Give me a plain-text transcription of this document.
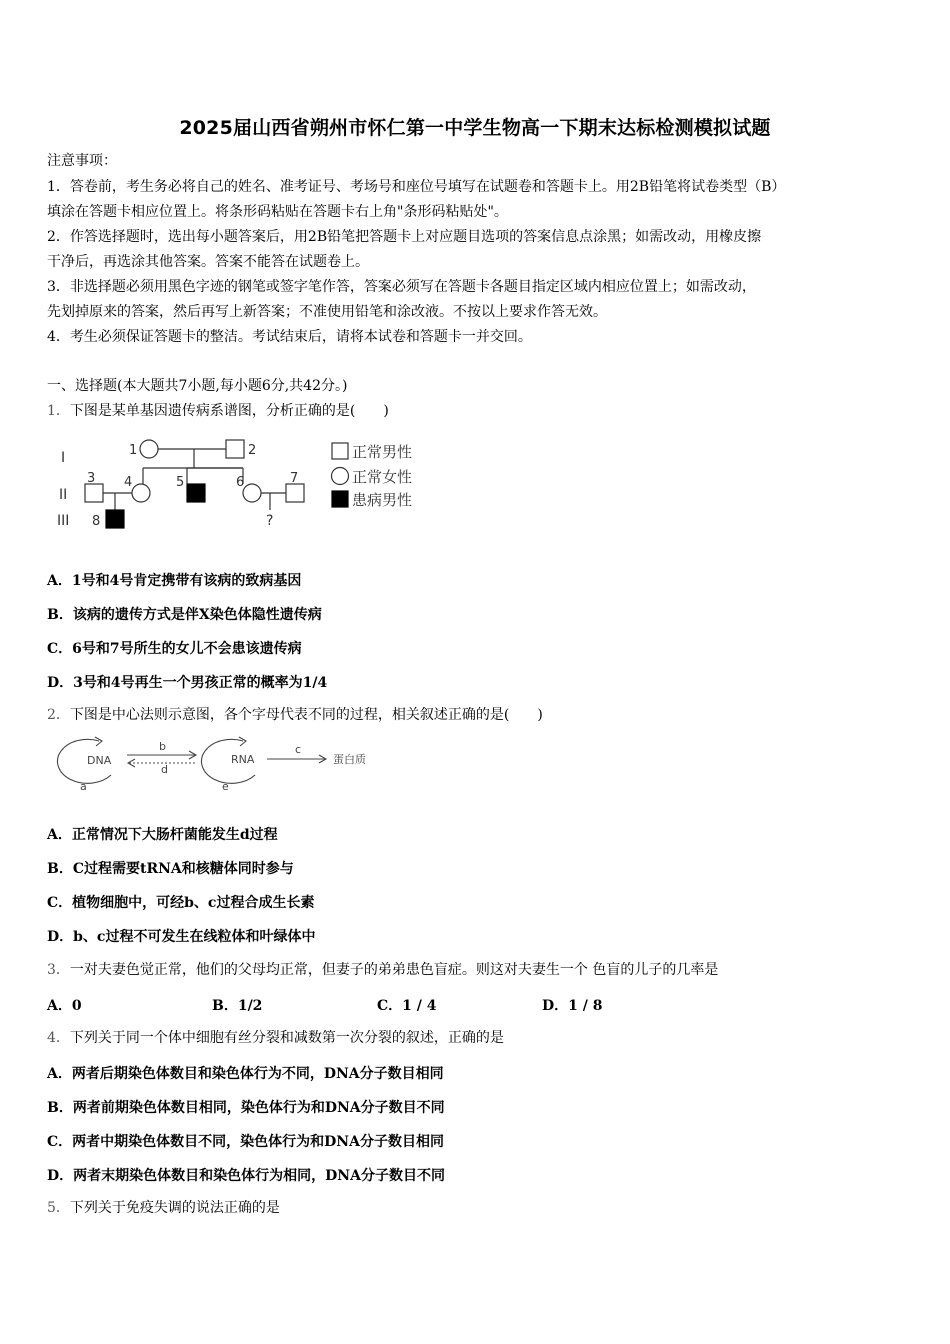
2025届山西省朔州市怀仁第一中学生物高一下期末达标检测模拟试题
注意事项：
1．答卷前，考生务必将自己的姓名、准考证号、考场号和座位号填写在试题卷和答题卡上。用2B铅笔将试卷类型（B）
填涂在答题卡相应位置上。将条形码粘贴在答题卡右上角"条形码粘贴处"。
2．作答选择题时，选出每小题答案后，用2B铅笔把答题卡上对应题目选项的答案信息点涂黑；如需改动，用橡皮擦
干净后，再选涂其他答案。答案不能答在试题卷上。
3．非选择题必须用黑色字迹的钢笔或签字笔作答，答案必须写在答题卡各题目指定区域内相应位置上；如需改动，
先划掉原来的答案，然后再写上新答案；不准使用铅笔和涂改液。不按以上要求作答无效。
4．考生必须保证答题卡的整洁。考试结束后，请将本试卷和答题卡一并交回。
一、选择题(本大题共7小题,每小题6分,共42分。)
1．下图是某单基因遗传病系谱图，分析正确的是(　　)
I
II
III
1	2
3 4	5	6	7
8	?
正常男性
正常女性
患病男性
A．1号和4号肯定携带有该病的致病基因
B．该病的遗传方式是伴X染色体隐性遗传病
C．6号和7号所生的女儿不会患该遗传病
D．3号和4号再生一个男孩正常的概率为1/4
2．下图是中心法则示意图，各个字母代表不同的过程，相关叙述正确的是(　　)
DNA	RNA	蛋白质
b
d
c
a	e
A．正常情况下大肠杆菌能发生d过程
B．C过程需要tRNA和核糖体同时参与
C．植物细胞中，可经b、c过程合成生长素
D．b、c过程不可发生在线粒体和叶绿体中
3．一对夫妻色觉正常，他们的父母均正常，但妻子的弟弟患色盲症。则这对夫妻生一个 色盲的儿子的几率是
A．0	B．1/2	C．1 / 4	D．1 / 8
4．下列关于同一个体中细胞有丝分裂和减数第一次分裂的叙述，正确的是
A．两者后期染色体数目和染色体行为不同，DNA分子数目相同
B．两者前期染色体数目相同，染色体行为和DNA分子数目不同
C．两者中期染色体数目不同，染色体行为和DNA分子数目相同
D．两者末期染色体数目和染色体行为相同，DNA分子数目不同
5．下列关于免疫失调的说法正确的是
